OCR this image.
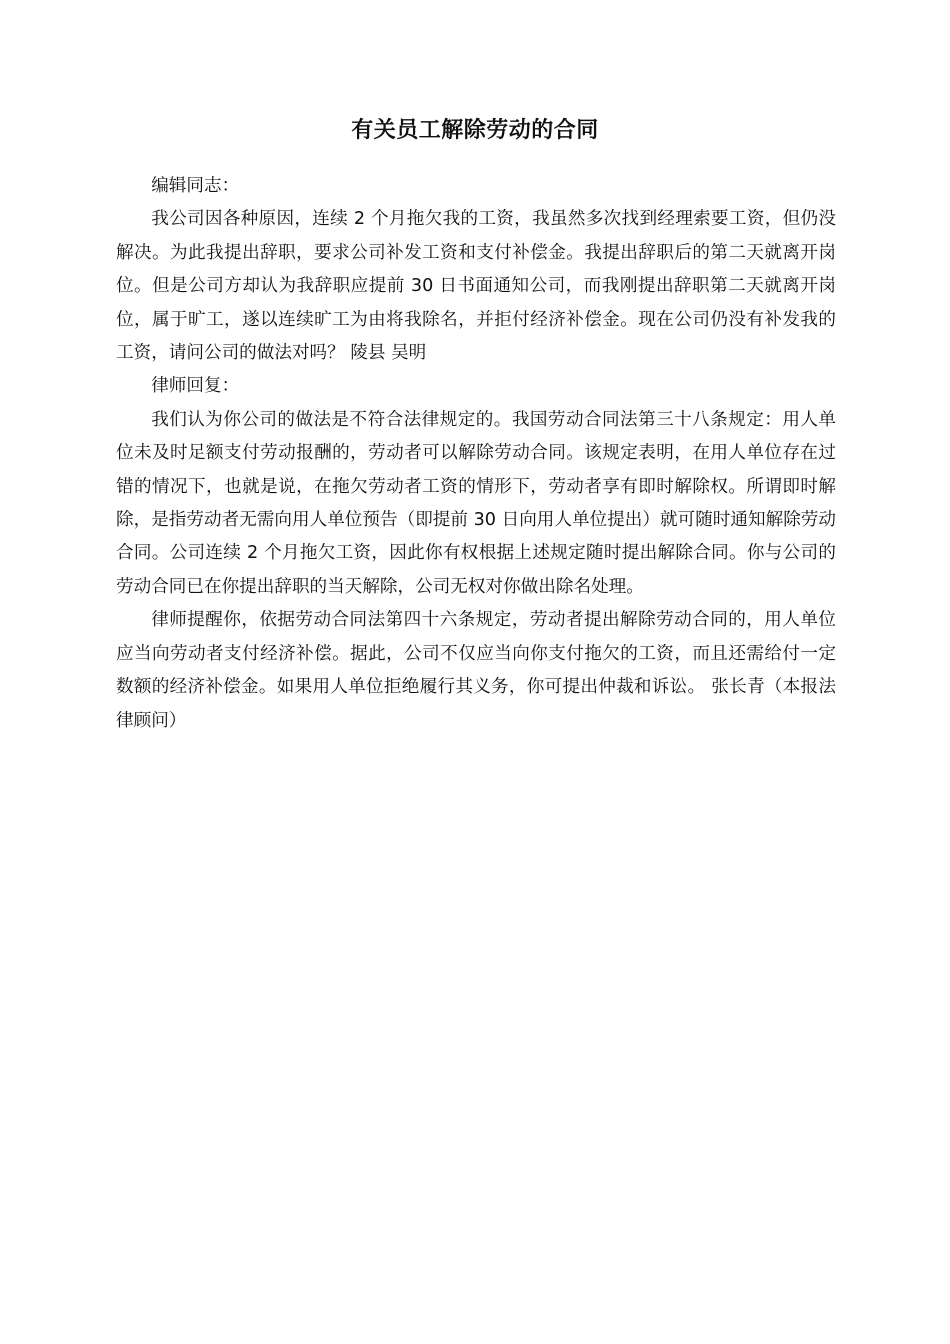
有关员工解除劳动的合同

编辑同志：

我公司因各种原因，连续 2 个月拖欠我的工资，我虽然多次找到经理索要工资，但仍没解决。为此我提出辞职，要求公司补发工资和支付补偿金。我提出辞职后的第二天就离开岗位。但是公司方却认为我辞职应提前 30 日书面通知公司，而我刚提出辞职第二天就离开岗位，属于旷工，遂以连续旷工为由将我除名，并拒付经济补偿金。现在公司仍没有补发我的工资，请问公司的做法对吗？ 陵县 吴明

律师回复：

我们认为你公司的做法是不符合法律规定的。我国劳动合同法第三十八条规定：用人单位未及时足额支付劳动报酬的，劳动者可以解除劳动合同。该规定表明，在用人单位存在过错的情况下，也就是说，在拖欠劳动者工资的情形下，劳动者享有即时解除权。所谓即时解除，是指劳动者无需向用人单位预告（即提前 30 日向用人单位提出）就可随时通知解除劳动合同。公司连续 2 个月拖欠工资，因此你有权根据上述规定随时提出解除合同。你与公司的劳动合同已在你提出辞职的当天解除，公司无权对你做出除名处理。

律师提醒你，依据劳动合同法第四十六条规定，劳动者提出解除劳动合同的，用人单位应当向劳动者支付经济补偿。据此，公司不仅应当向你支付拖欠的工资，而且还需给付一定数额的经济补偿金。如果用人单位拒绝履行其义务，你可提出仲裁和诉讼。 张长青（本报法律顾问）
